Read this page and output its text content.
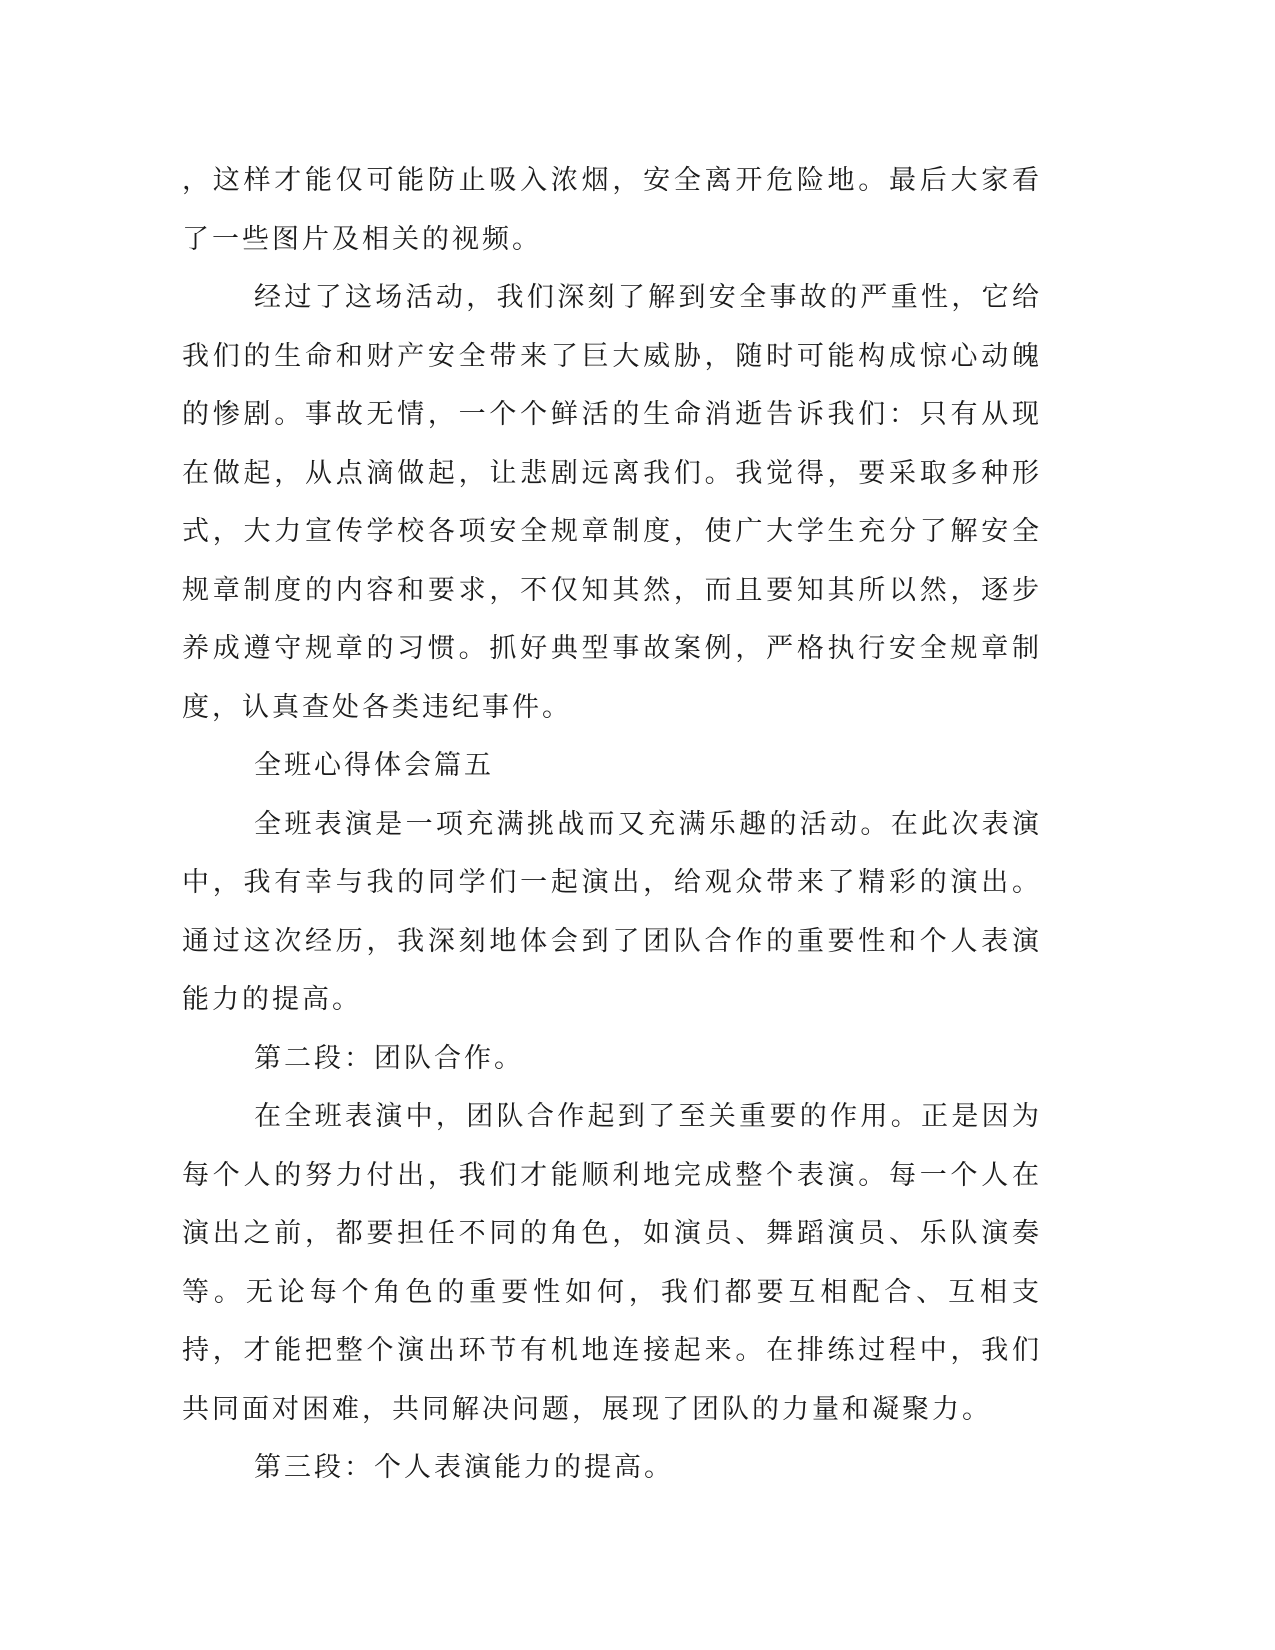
，这样才能仅可能防止吸入浓烟，安全离开危险地。最后大家看了一些图片及相关的视频。

经过了这场活动，我们深刻了解到安全事故的严重性，它给我们的生命和财产安全带来了巨大威胁，随时可能构成惊心动魄的惨剧。事故无情，一个个鲜活的生命消逝告诉我们：只有从现在做起，从点滴做起，让悲剧远离我们。我觉得，要采取多种形式，大力宣传学校各项安全规章制度，使广大学生充分了解安全规章制度的内容和要求，不仅知其然，而且要知其所以然，逐步养成遵守规章的习惯。抓好典型事故案例，严格执行安全规章制度，认真查处各类违纪事件。

全班心得体会篇五

全班表演是一项充满挑战而又充满乐趣的活动。在此次表演中，我有幸与我的同学们一起演出，给观众带来了精彩的演出。通过这次经历，我深刻地体会到了团队合作的重要性和个人表演能力的提高。

第二段：团队合作。

在全班表演中，团队合作起到了至关重要的作用。正是因为每个人的努力付出，我们才能顺利地完成整个表演。每一个人在演出之前，都要担任不同的角色，如演员、舞蹈演员、乐队演奏等。无论每个角色的重要性如何，我们都要互相配合、互相支持，才能把整个演出环节有机地连接起来。在排练过程中，我们共同面对困难，共同解决问题，展现了团队的力量和凝聚力。

第三段：个人表演能力的提高。
